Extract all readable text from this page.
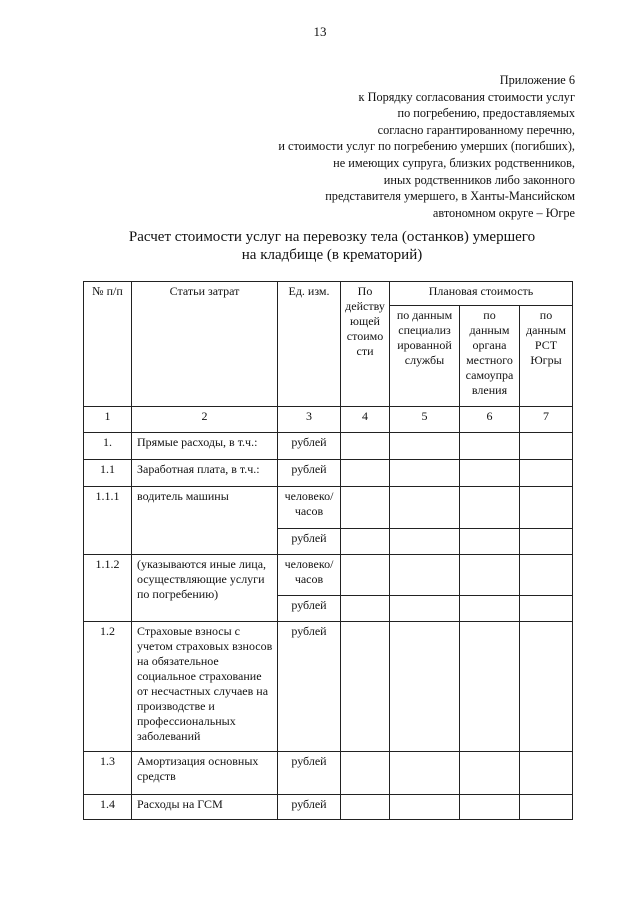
13
Приложение 6
к Порядку согласования стоимости услуг
по погребению, предоставляемых
согласно гарантированному перечню,
и стоимости услуг по погребению умерших (погибших),
не имеющих супруга, близких родственников,
иных родственников либо законного
представителя умершего, в Ханты-Мансийском
автономном округе – Югре
Расчет стоимости услуг на перевозку тела (останков) умершего
на кладбище (в крематорий)
№ п/п	Статьи затрат	Ед. изм.	По действу ющей стоимо сти	Плановая стоимость		
				по данным специализ ированной службы	по данным органа местного самоупра вления	по данным РСТ Югры
1	2	3	4	5	6	7
1.	Прямые расходы, в т.ч.:	рублей				
1.1	Заработная плата, в т.ч.:	рублей				
1.1.1	водитель машины	человеко/ часов				
		рублей				
1.1.2	(указываются иные лица, осуществляющие услуги по погребению)	человеко/ часов				
		рублей				
1.2	Страховые взносы с учетом страховых взносов на обязательное социальное страхование от несчастных случаев на производстве и профессиональных заболеваний	рублей				
1.3	Амортизация основных средств	рублей				
1.4	Расходы на ГСМ	рублей				
